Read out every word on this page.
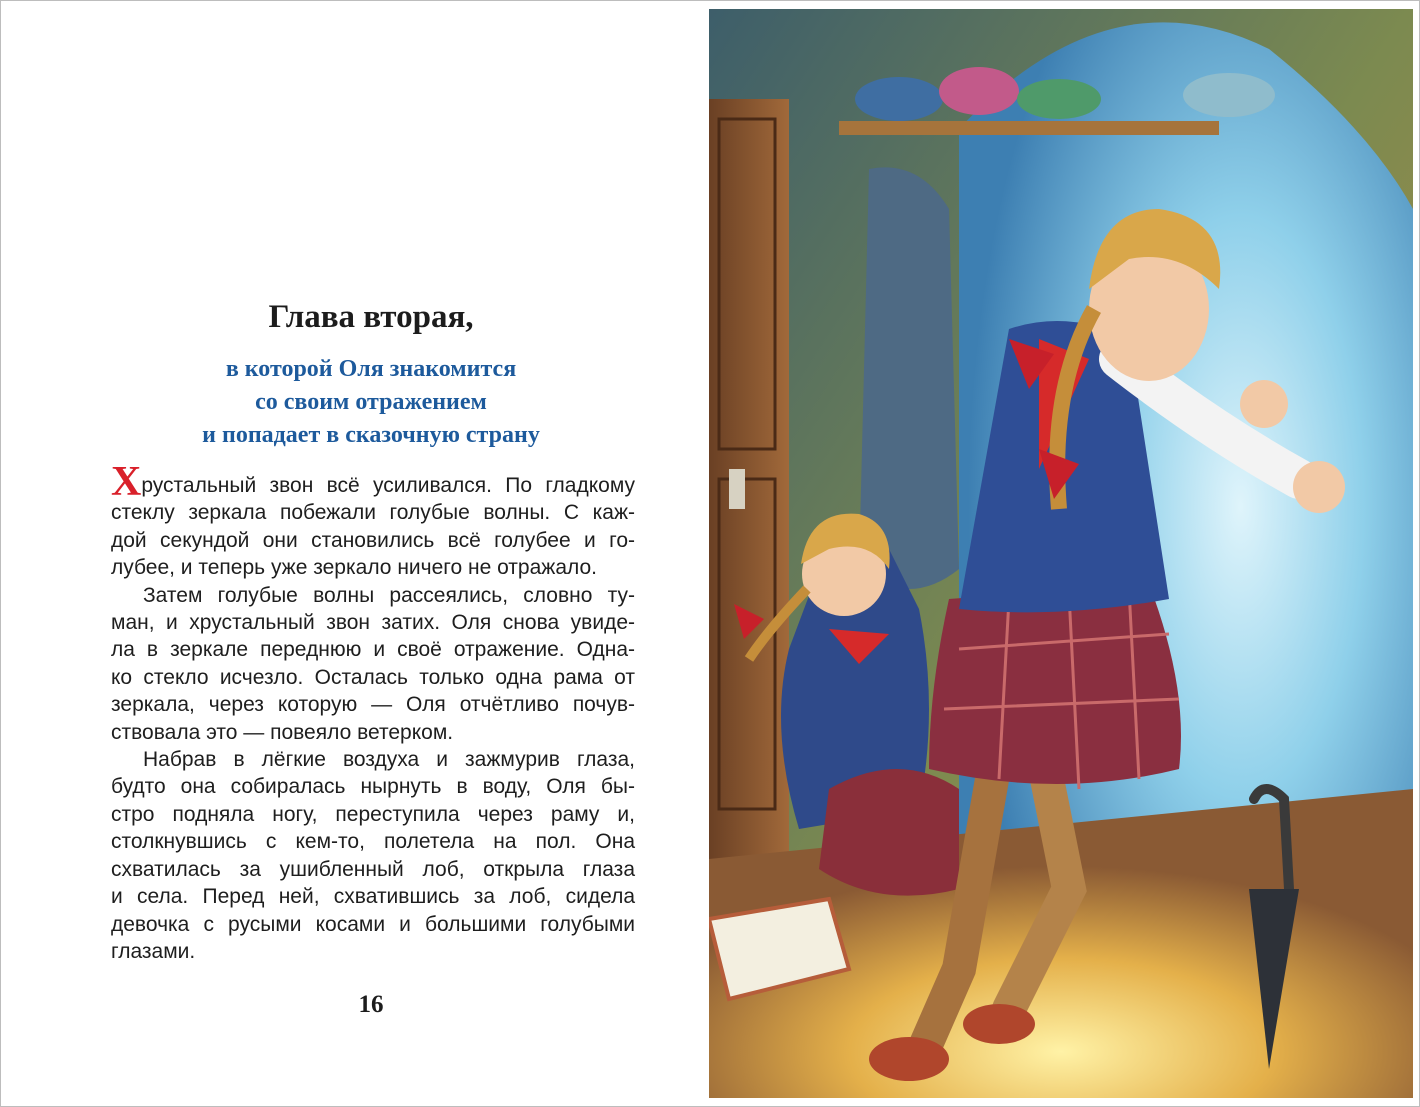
Глава вторая,
в которой Оля знакомится
со своим отражением
и попадает в сказочную страну
Хрустальный звон всё усиливался. По гладкому
стеклу зеркала побежали голубые волны. С каж-
дой секундой они становились всё голубее и го-
лубее, и теперь уже зеркало ничего не отражало.
Затем голубые волны рассеялись, словно ту-
ман, и хрустальный звон затих. Оля снова увиде-
ла в зеркале переднюю и своё отражение. Однa-
ко стекло исчезло. Осталась только одна рама от
зеркала, через которую — Оля отчётливо почув-
ствовала это — повеяло ветерком.
Набрав в лёгкие воздуха и зажмурив глаза,
будто она собиралась нырнуть в воду, Оля бы-
стро подняла ногу, переступила через раму и,
столкнувшись с кем-то, полетела на пол. Она
схватилась за ушибленный лоб, открыла глаза
и села. Перед ней, схватившись за лоб, сидела
девочка с русыми косами и большими голубыми
глазами.
16
